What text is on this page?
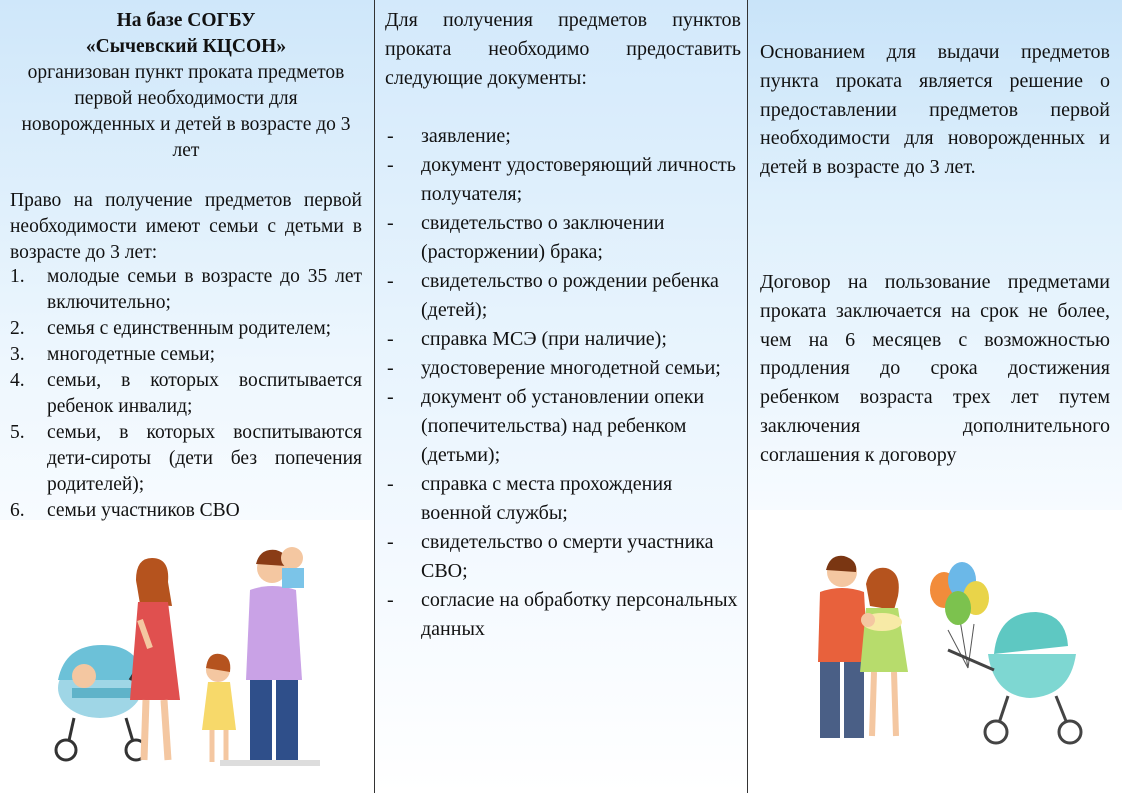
На базе СОГБУ
«Сычевский КЦСОН»
организован пункт проката предметов первой необходимости для новорожденных и детей в возрасте до 3 лет
Право на получение предметов первой необходимости имеют семьи с детьми в возрасте до 3 лет:
1. молодые семьи в возрасте до 35 лет включительно;
2. семья с единственным родителем;
3. многодетные семьи;
4. семьи, в которых воспитывается ребенок инвалид;
5. семьи, в которых воспитываются дети-сироты (дети без попечения родителей);
6. семьи участников СВО
Для получения предметов пунктов проката необходимо предоставить следующие документы:
- заявление;
- документ удостоверяющий личность получателя;
- свидетельство о заключении (расторжении) брака;
- свидетельство о рождении ребенка (детей);
- справка МСЭ (при наличие);
- удостоверение многодетной семьи;
- документ об установлении опеки (попечительства) над ребенком (детьми);
- справка с места прохождения военной службы;
- свидетельство о смерти участника СВО;
- согласие на обработку персональных данных
Основанием для выдачи предметов пункта проката является решение о предоставлении предметов первой необходимости для новорожденных и детей в возрасте до 3 лет.
Договор на пользование предметами проката заключается на срок не более, чем на 6 месяцев с возможностью продления до срока достижения ребенком возраста трех лет путем заключения дополнительного соглашения к договору
